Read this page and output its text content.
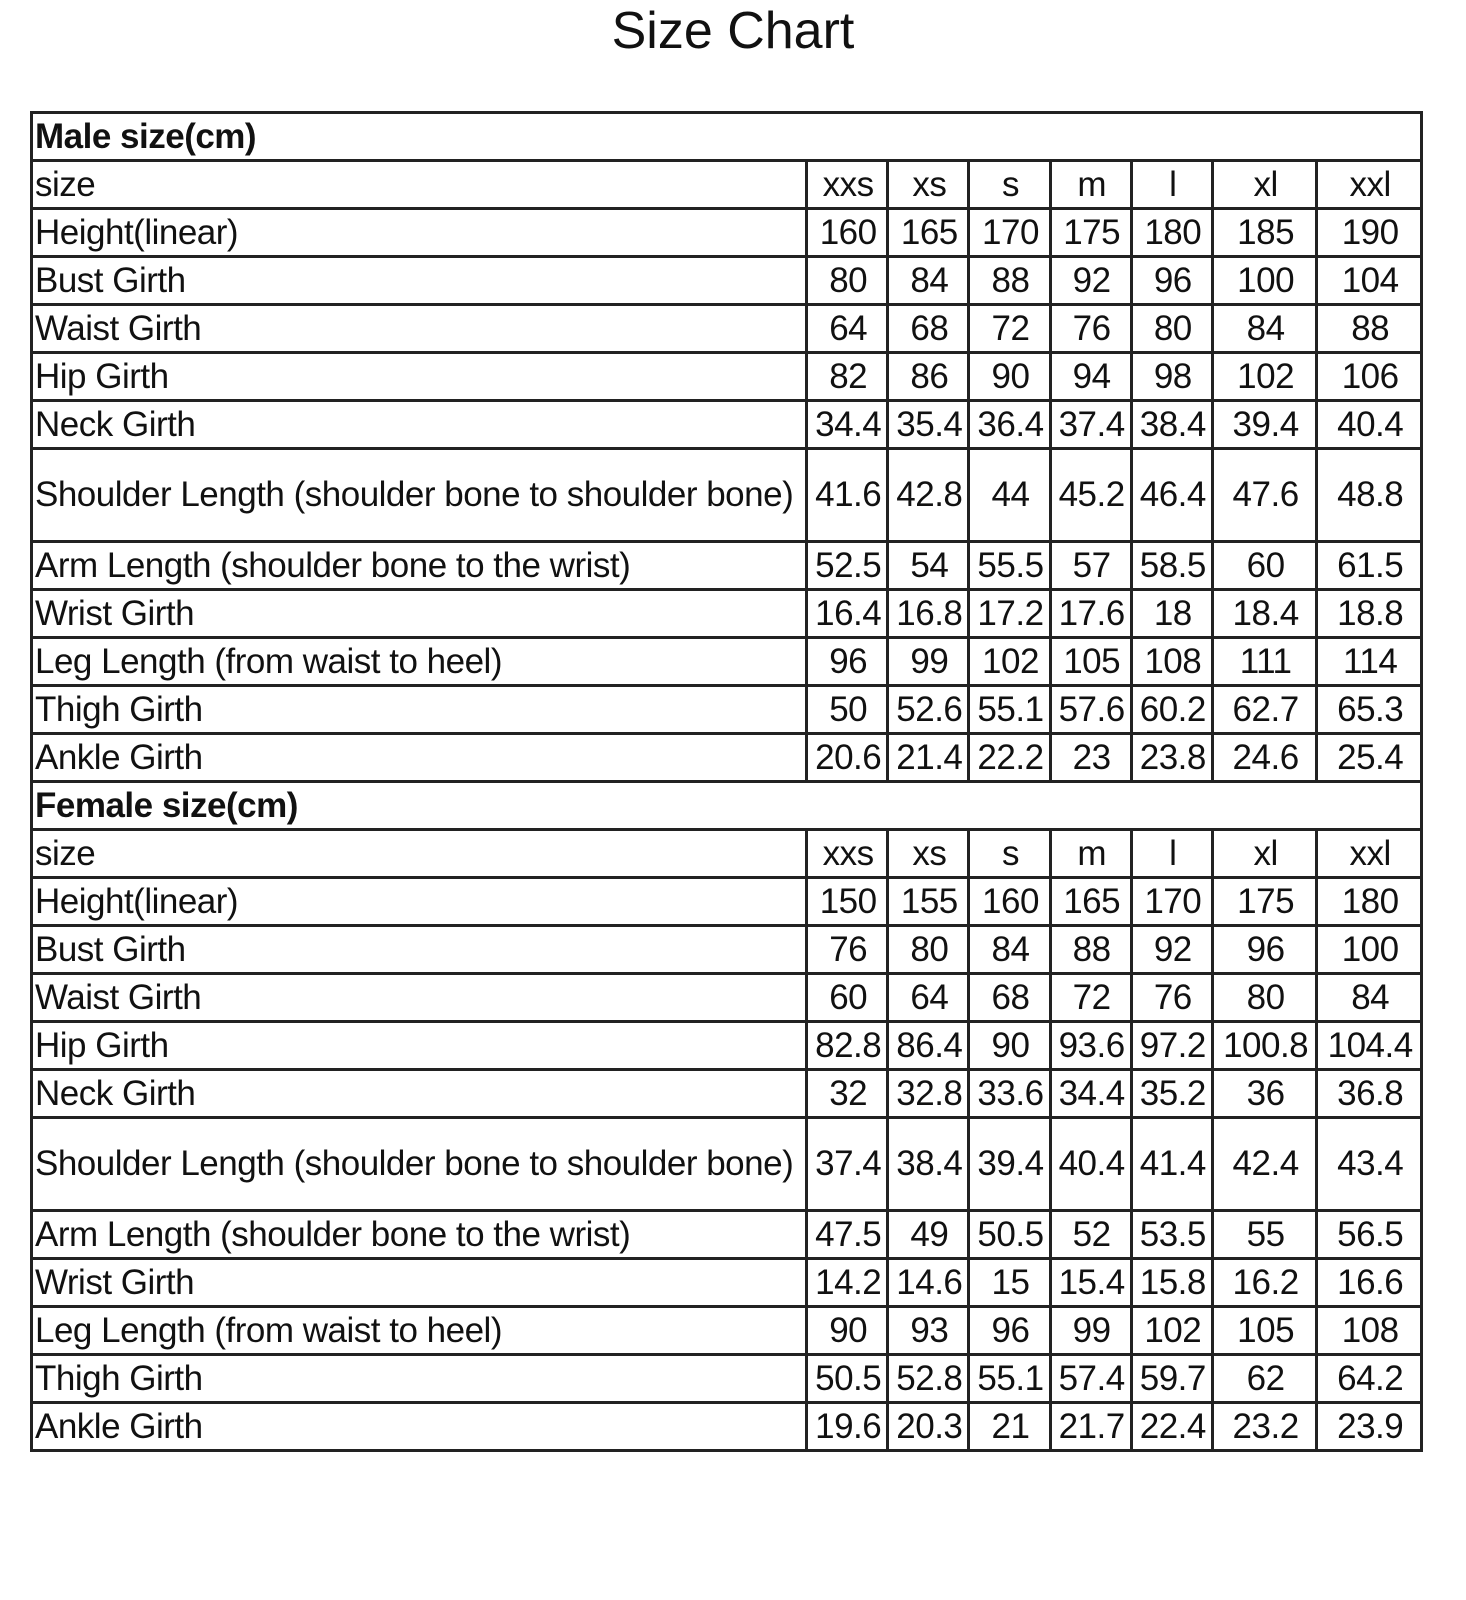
Size Chart
Male size(cm)							
size	xxs	xs	s	m	l	xl	xxl
Height(linear)	160	165	170	175	180	185	190
Bust Girth	80	84	88	92	96	100	104
Waist Girth	64	68	72	76	80	84	88
Hip Girth	82	86	90	94	98	102	106
Neck Girth	34.4	35.4	36.4	37.4	38.4	39.4	40.4
Shoulder Length (shoulder bone to shoulder bone)	41.6	42.8	44	45.2	46.4	47.6	48.8
Arm Length (shoulder bone to the wrist)	52.5	54	55.5	57	58.5	60	61.5
Wrist Girth	16.4	16.8	17.2	17.6	18	18.4	18.8
Leg Length (from waist to heel)	96	99	102	105	108	111	114
Thigh Girth	50	52.6	55.1	57.6	60.2	62.7	65.3
Ankle Girth	20.6	21.4	22.2	23	23.8	24.6	25.4
Female size(cm)							
size	xxs	xs	s	m	l	xl	xxl
Height(linear)	150	155	160	165	170	175	180
Bust Girth	76	80	84	88	92	96	100
Waist Girth	60	64	68	72	76	80	84
Hip Girth	82.8	86.4	90	93.6	97.2	100.8	104.4
Neck Girth	32	32.8	33.6	34.4	35.2	36	36.8
Shoulder Length (shoulder bone to shoulder bone)	37.4	38.4	39.4	40.4	41.4	42.4	43.4
Arm Length (shoulder bone to the wrist)	47.5	49	50.5	52	53.5	55	56.5
Wrist Girth	14.2	14.6	15	15.4	15.8	16.2	16.6
Leg Length (from waist to heel)	90	93	96	99	102	105	108
Thigh Girth	50.5	52.8	55.1	57.4	59.7	62	64.2
Ankle Girth	19.6	20.3	21	21.7	22.4	23.2	23.9
